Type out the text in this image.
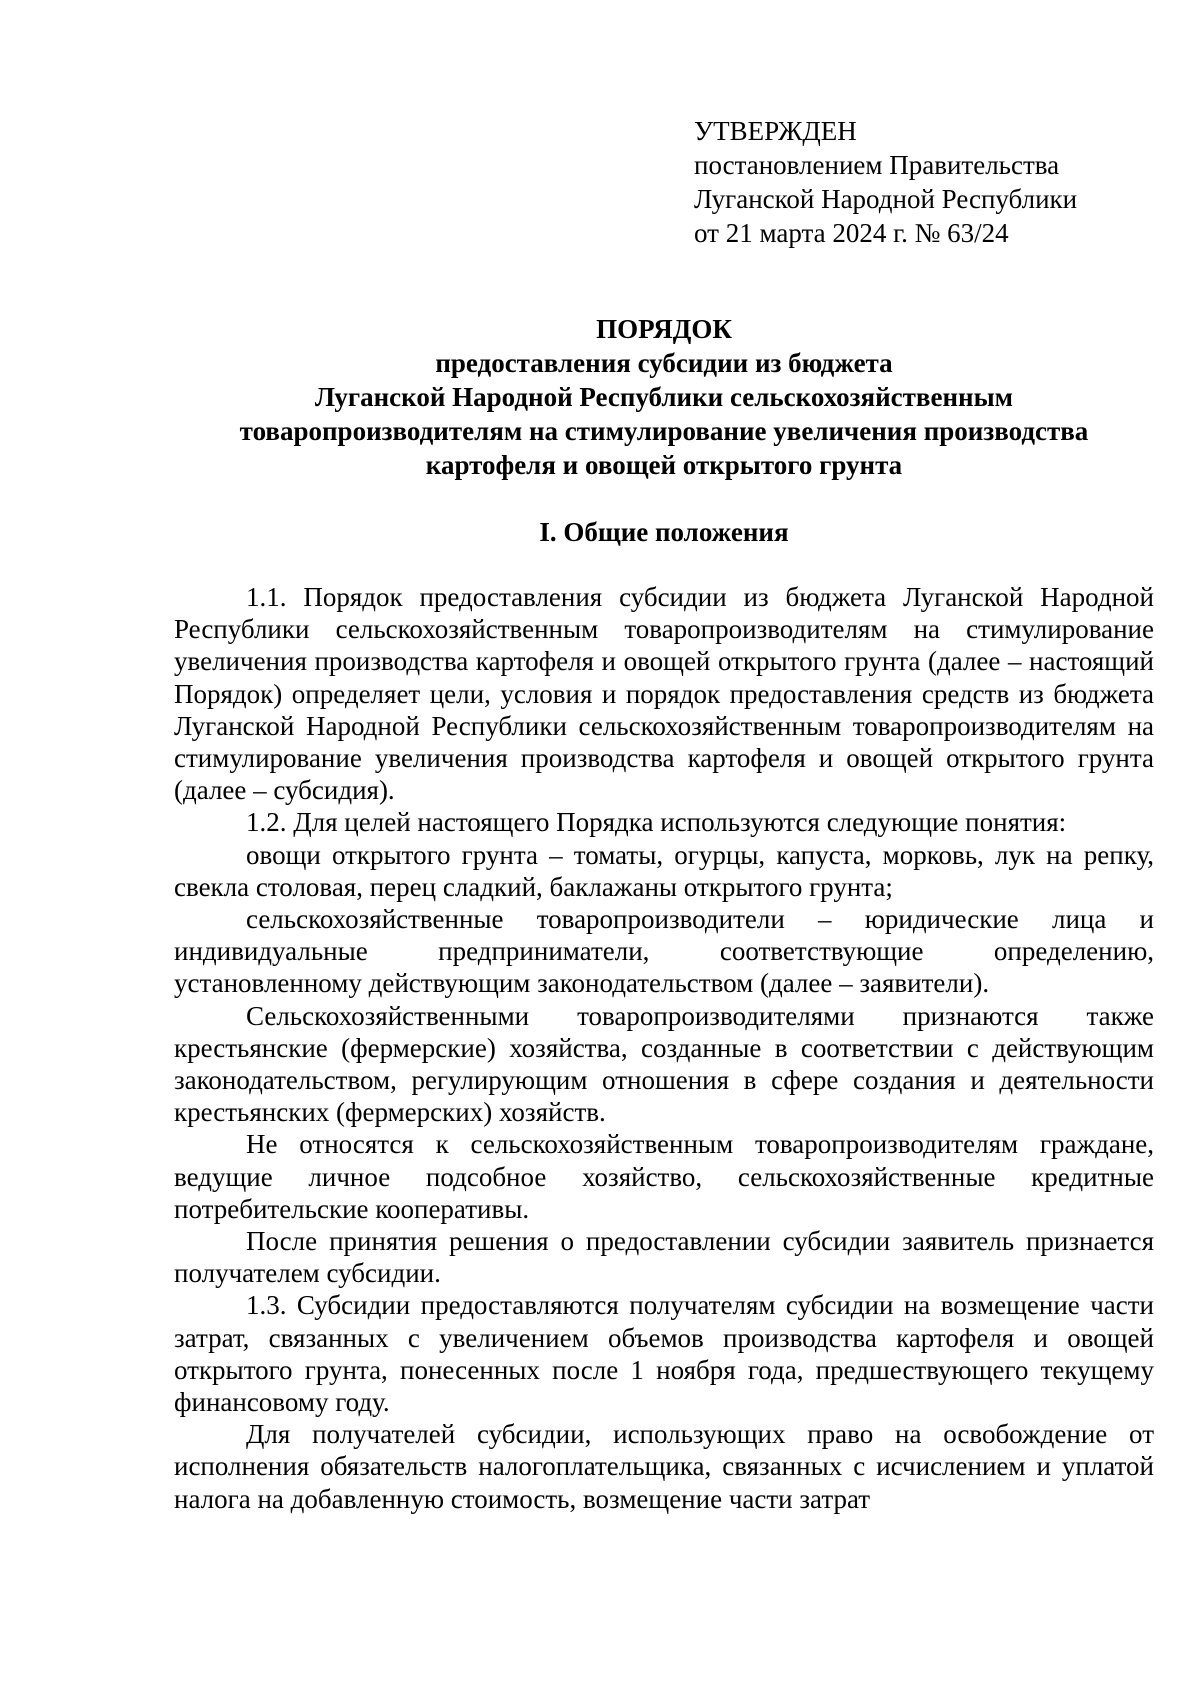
УТВЕРЖДЕН
постановлением Правительства
Луганской Народной Республики
от 21 марта 2024 г. № 63/24
ПОРЯДОК
предоставления субсидии из бюджета
Луганской Народной Республики сельскохозяйственным
товаропроизводителям на стимулирование увеличения производства
картофеля и овощей открытого грунта
I. Общие положения

1.1. Порядок предоставления субсидии из бюджета Луганской Народной Республики сельскохозяйственным товаропроизводителям на стимулирование увеличения производства картофеля и овощей открытого грунта (далее – настоящий Порядок) определяет цели, условия и порядок предоставления средств из бюджета Луганской Народной Республики сельскохозяйственным товаропроизводителям на стимулирование увеличения производства картофеля и овощей открытого грунта (далее – субсидия).

1.2. Для целей настоящего Порядка используются следующие понятия:

овощи открытого грунта – томаты, огурцы, капуста, морковь, лук на репку, свекла столовая, перец сладкий, баклажаны открытого грунта;

сельскохозяйственные товаропроизводители – юридические лица и индивидуальные предприниматели, соответствующие определению, установленному действующим законодательством (далее – заявители).

Сельскохозяйственными товаропроизводителями признаются также крестьянские (фермерские) хозяйства, созданные в соответствии с действующим законодательством, регулирующим отношения в сфере создания и деятельности крестьянских (фермерских) хозяйств.

Не относятся к сельскохозяйственным товаропроизводителям граждане, ведущие личное подсобное хозяйство, сельскохозяйственные кредитные потребительские кооперативы.

После принятия решения о предоставлении субсидии заявитель признается получателем субсидии.

1.3. Субсидии предоставляются получателям субсидии на возмещение части затрат, связанных с увеличением объемов производства картофеля и овощей открытого грунта, понесенных после 1 ноября года, предшествующего текущему финансовому году.

Для получателей субсидии, использующих право на освобождение от исполнения обязательств налогоплательщика, связанных с исчислением и уплатой налога на добавленную стоимость, возмещение части затрат
